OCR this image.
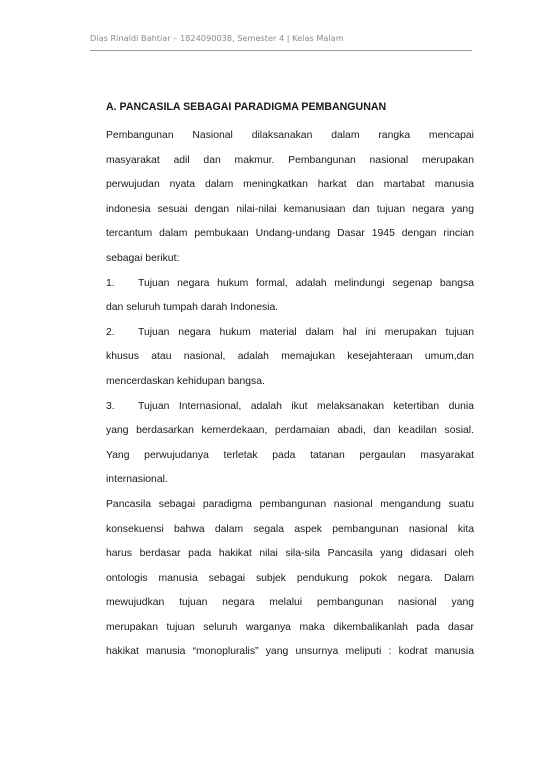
Dias Rinaldi Bahtiar – 1824090038, Semester 4 | Kelas Malam
A. PANCASILA SEBAGAI PARADIGMA PEMBANGUNAN
Pembangunan Nasional dilaksanakan dalam rangka mencapai
masyarakat adil dan makmur. Pembangunan nasional merupakan
perwujudan nyata dalam meningkatkan harkat dan martabat manusia
indonesia sesuai dengan nilai-nilai kemanusiaan dan tujuan negara yang
tercantum dalam pembukaan Undang-undang Dasar 1945 dengan rincian
sebagai berikut:
1.	Tujuan negara hukum formal, adalah melindungi segenap bangsa
dan seluruh tumpah darah Indonesia.
2.	Tujuan negara hukum material dalam hal ini merupakan tujuan
khusus atau nasional, adalah memajukan kesejahteraan umum,dan
mencerdaskan kehidupan bangsa.
3.	Tujuan Internasional, adalah ikut melaksanakan ketertiban dunia
yang berdasarkan kemerdekaan, perdamaian abadi, dan keadilan sosial.
Yang perwujudanya terletak pada tatanan pergaulan masyarakat
internasional.
Pancasila sebagai paradigma pembangunan nasional mengandung suatu
konsekuensi bahwa dalam segala aspek pembangunan nasional kita
harus berdasar pada hakikat nilai sila-sila Pancasila yang didasari oleh
ontologis manusia sebagai subjek pendukung pokok negara. Dalam
mewujudkan tujuan negara melalui pembangunan nasional yang
merupakan tujuan seluruh warganya maka dikembalikanlah pada dasar
hakikat manusia “monopluralis” yang unsurnya meliputi : kodrat manusia
